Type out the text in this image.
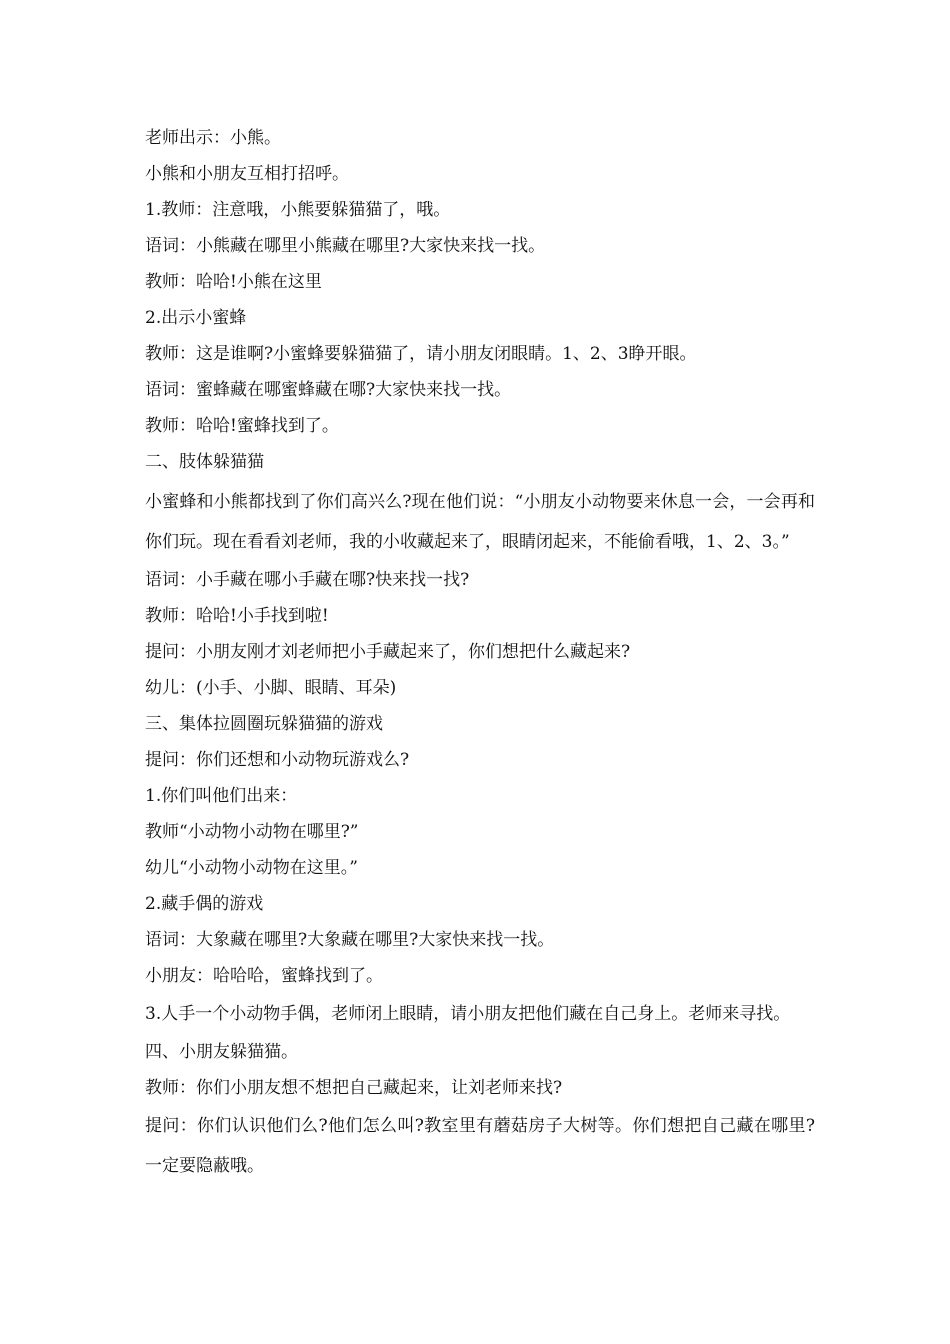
老师出示：小熊。
小熊和小朋友互相打招呼。
1.教师：注意哦，小熊要躲猫猫了，哦。
语词：小熊藏在哪里小熊藏在哪里?大家快来找一找。
教师：哈哈!小熊在这里
2.出示小蜜蜂
教师：这是谁啊?小蜜蜂要躲猫猫了，请小朋友闭眼睛。1、2、3睁开眼。
语词：蜜蜂藏在哪蜜蜂藏在哪?大家快来找一找。
教师：哈哈!蜜蜂找到了。
二、肢体躲猫猫
小蜜蜂和小熊都找到了你们高兴么?现在他们说：“小朋友小动物要来休息一会，一会再和你们玩。现在看看刘老师，我的小收藏起来了，眼睛闭起来，不能偷看哦，1、2、3。”
语词：小手藏在哪小手藏在哪?快来找一找?
教师：哈哈!小手找到啦!
提问：小朋友刚才刘老师把小手藏起来了，你们想把什么藏起来?
幼儿：(小手、小脚、眼睛、耳朵)
三、集体拉圆圈玩躲猫猫的游戏
提问：你们还想和小动物玩游戏么?
1.你们叫他们出来：
教师“小动物小动物在哪里?”
幼儿“小动物小动物在这里。”
2.藏手偶的游戏
语词：大象藏在哪里?大象藏在哪里?大家快来找一找。
小朋友：哈哈哈，蜜蜂找到了。
3.人手一个小动物手偶，老师闭上眼睛，请小朋友把他们藏在自己身上。老师来寻找。
四、小朋友躲猫猫。
教师：你们小朋友想不想把自己藏起来，让刘老师来找?
提问：你们认识他们么?他们怎么叫?教室里有蘑菇房子大树等。你们想把自己藏在哪里?一定要隐蔽哦。
